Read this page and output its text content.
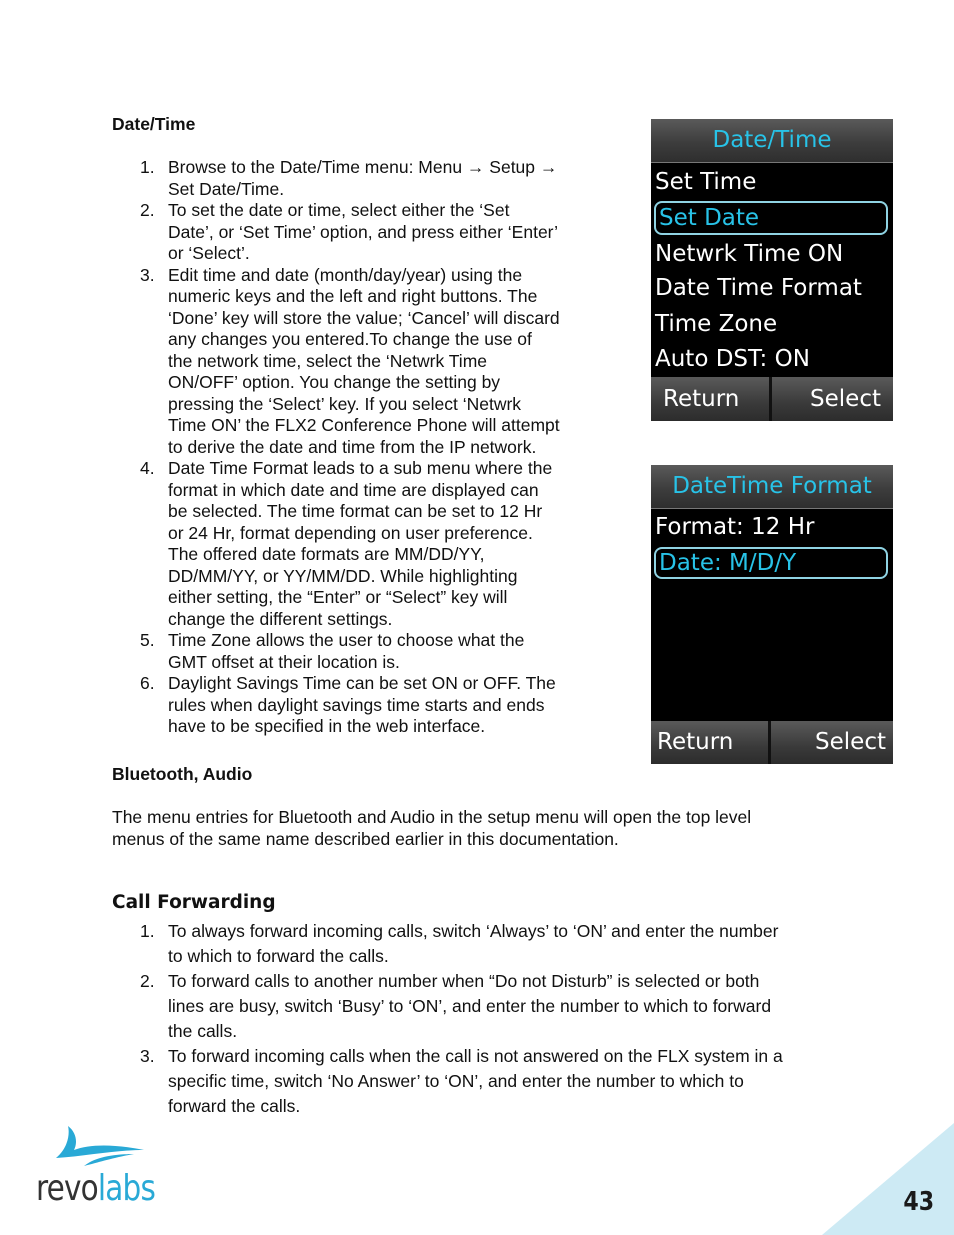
Date/Time
1. Browse to the Date/Time menu: Menu → Setup →
Set Date/Time.
2. To set the date or time, select either the ‘Set
Date’, or ‘Set Time’ option, and press either ‘Enter’
or ‘Select’.
3. Edit time and date (month/day/year) using the
numeric keys and the left and right buttons. The
‘Done’ key will store the value; ‘Cancel’ will discard
any changes you entered.To change the use of
the network time, select the ‘Netwrk Time
ON/OFF’ option. You change the setting by
pressing the ‘Select’ key. If you select ‘Netwrk
Time ON’ the FLX2 Conference Phone will attempt
to derive the date and time from the IP network.
4. Date Time Format leads to a sub menu where the
format in which date and time are displayed can
be selected. The time format can be set to 12 Hr
or 24 Hr, format depending on user preference.
The offered date formats are MM/DD/YY,
DD/MM/YY, or YY/MM/DD. While highlighting
either setting, the “Enter” or “Select” key will
change the different settings.
5. Time Zone allows the user to choose what the
GMT offset at their location is.
6. Daylight Savings Time can be set ON or OFF. The
rules when daylight savings time starts and ends
have to be specified in the web interface.
Bluetooth, Audio
The menu entries for Bluetooth and Audio in the setup menu will open the top level
menus of the same name described earlier in this documentation.
Call Forwarding
1. To always forward incoming calls, switch ‘Always’ to ‘ON’ and enter the number
to which to forward the calls.
2. To forward calls to another number when “Do not Disturb” is selected or both
lines are busy, switch ‘Busy’ to ‘ON’, and enter the number to which to forward
the calls.
3. To forward incoming calls when the call is not answered on the FLX system in a
specific time, switch ‘No Answer’ to ‘ON’, and enter the number to which to
forward the calls.
Date/Time
Set Time
Set Date
Netwrk Time ON
Date Time Format
Time Zone
Auto DST: ON
Return	Select
DateTime Format
Format: 12 Hr
Date: M/D/Y
Return	Select
revolabs	43
